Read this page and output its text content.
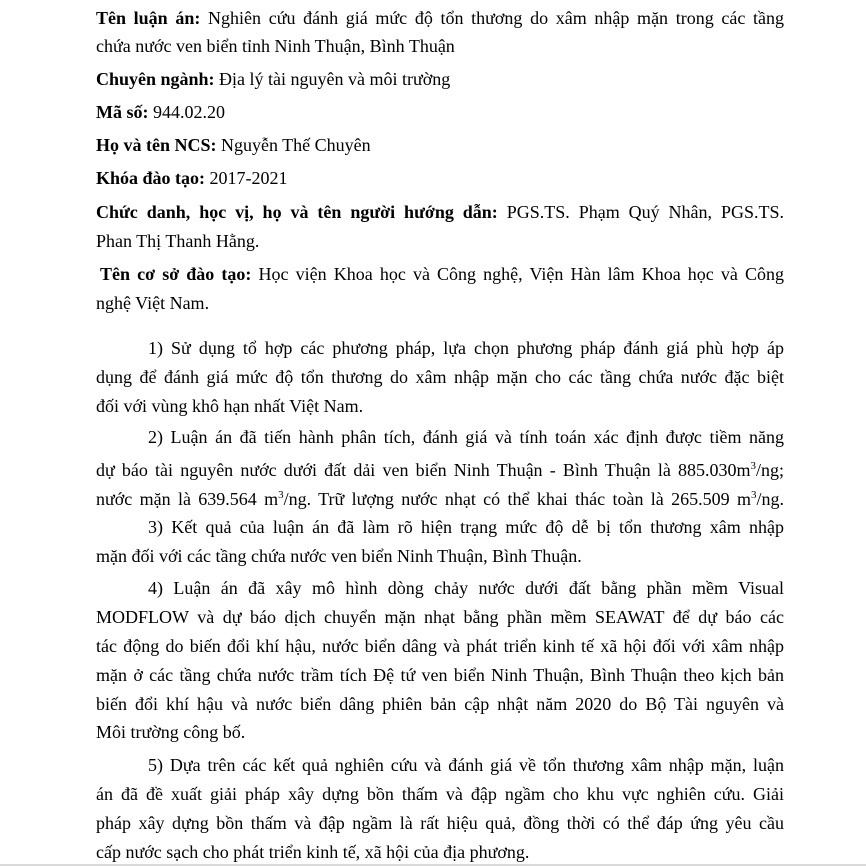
Tên luận án: Nghiên cứu đánh giá mức độ tổn thương do xâm nhập mặn trong các tầng
chứa nước ven biển tỉnh Ninh Thuận, Bình Thuận
Chuyên ngành: Địa lý tài nguyên và môi trường
Mã số: 944.02.20
Họ và tên NCS: Nguyễn Thế Chuyên
Khóa đào tạo: 2017-2021
Chức danh, học vị, họ và tên người hướng dẫn: PGS.TS. Phạm Quý Nhân, PGS.TS.
Phan Thị Thanh Hằng.
Tên cơ sở đào tạo: Học viện Khoa học và Công nghệ, Viện Hàn lâm Khoa học và Công
nghệ Việt Nam.
1) Sử dụng tổ hợp các phương pháp, lựa chọn phương pháp đánh giá phù hợp áp
dụng để đánh giá mức độ tổn thương do xâm nhập mặn cho các tầng chứa nước đặc biệt
đối với vùng khô hạn nhất Việt Nam.
2) Luận án đã tiến hành phân tích, đánh giá và tính toán xác định được tiềm năng
dự báo tài nguyên nước dưới đất dải ven biển Ninh Thuận - Bình Thuận là $885.030m^3/ng$;
nước mặn là 639.564 $m^3/ng$. Trữ lượng nước nhạt có thể khai thác toàn là 265.509 $m^3/ng$.
3) Kết quả của luận án đã làm rõ hiện trạng mức độ dễ bị tổn thương xâm nhập
mặn đối với các tầng chứa nước ven biển Ninh Thuận, Bình Thuận.
4) Luận án đã xây mô hình dòng chảy nước dưới đất bằng phần mềm Visual
MODFLOW và dự báo dịch chuyển mặn nhạt bằng phần mềm SEAWAT để dự báo các
tác động do biến đổi khí hậu, nước biển dâng và phát triển kinh tế xã hội đối với xâm nhập
mặn ở các tầng chứa nước trầm tích Đệ tứ ven biển Ninh Thuận, Bình Thuận theo kịch bản
biến đổi khí hậu và nước biển dâng phiên bản cập nhật năm 2020 do Bộ Tài nguyên và
Môi trường công bố.
5) Dựa trên các kết quả nghiên cứu và đánh giá về tổn thương xâm nhập mặn, luận
án đã đề xuất giải pháp xây dựng bồn thấm và đập ngầm cho khu vực nghiên cứu. Giải
pháp xây dựng bồn thấm và đập ngầm là rất hiệu quả, đồng thời có thể đáp ứng yêu cầu
cấp nước sạch cho phát triển kinh tế, xã hội của địa phương.
